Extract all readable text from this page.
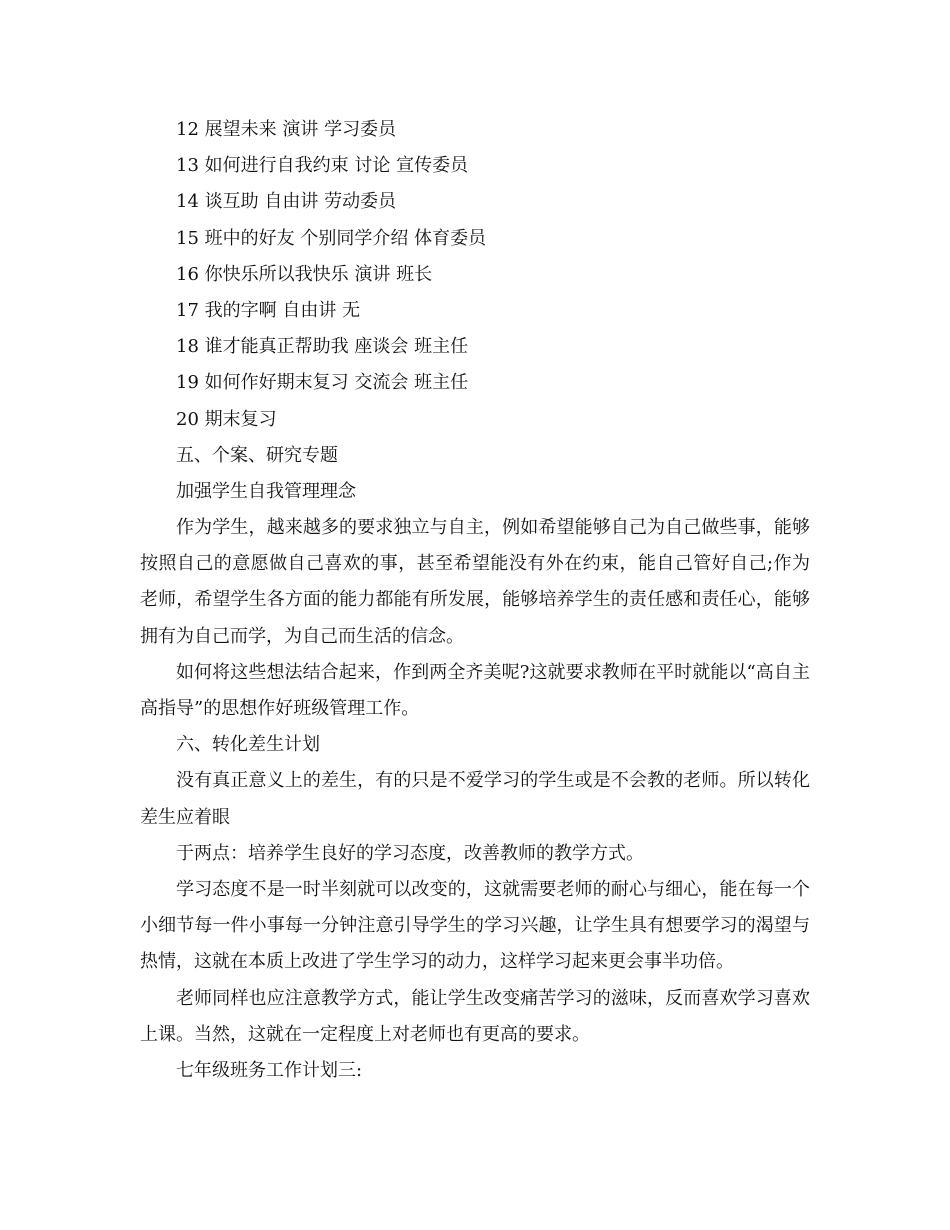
12 展望未来 演讲 学习委员

13 如何进行自我约束 讨论 宣传委员

14 谈互助 自由讲 劳动委员

15 班中的好友 个别同学介绍 体育委员

16 你快乐所以我快乐 演讲 班长

17 我的字啊 自由讲 无

18 谁才能真正帮助我 座谈会 班主任

19 如何作好期末复习 交流会 班主任

20 期末复习

五、个案、研究专题

加强学生自我管理理念

作为学生，越来越多的要求独立与自主，例如希望能够自己为自己做些事，能够按照自己的意愿做自己喜欢的事，甚至希望能没有外在约束，能自己管好自己;作为老师，希望学生各方面的能力都能有所发展，能够培养学生的责任感和责任心，能够拥有为自己而学，为自己而生活的信念。

如何将这些想法结合起来，作到两全齐美呢?这就要求教师在平时就能以“高自主 高指导”的思想作好班级管理工作。

六、转化差生计划

没有真正意义上的差生，有的只是不爱学习的学生或是不会教的老师。所以转化差生应着眼

于两点：培养学生良好的学习态度，改善教师的教学方式。

学习态度不是一时半刻就可以改变的，这就需要老师的耐心与细心，能在每一个小细节每一件小事每一分钟注意引导学生的学习兴趣，让学生具有想要学习的渴望与热情，这就在本质上改进了学生学习的动力，这样学习起来更会事半功倍。

老师同样也应注意教学方式，能让学生改变痛苦学习的滋味，反而喜欢学习喜欢上课。当然，这就在一定程度上对老师也有更高的要求。

七年级班务工作计划三:
